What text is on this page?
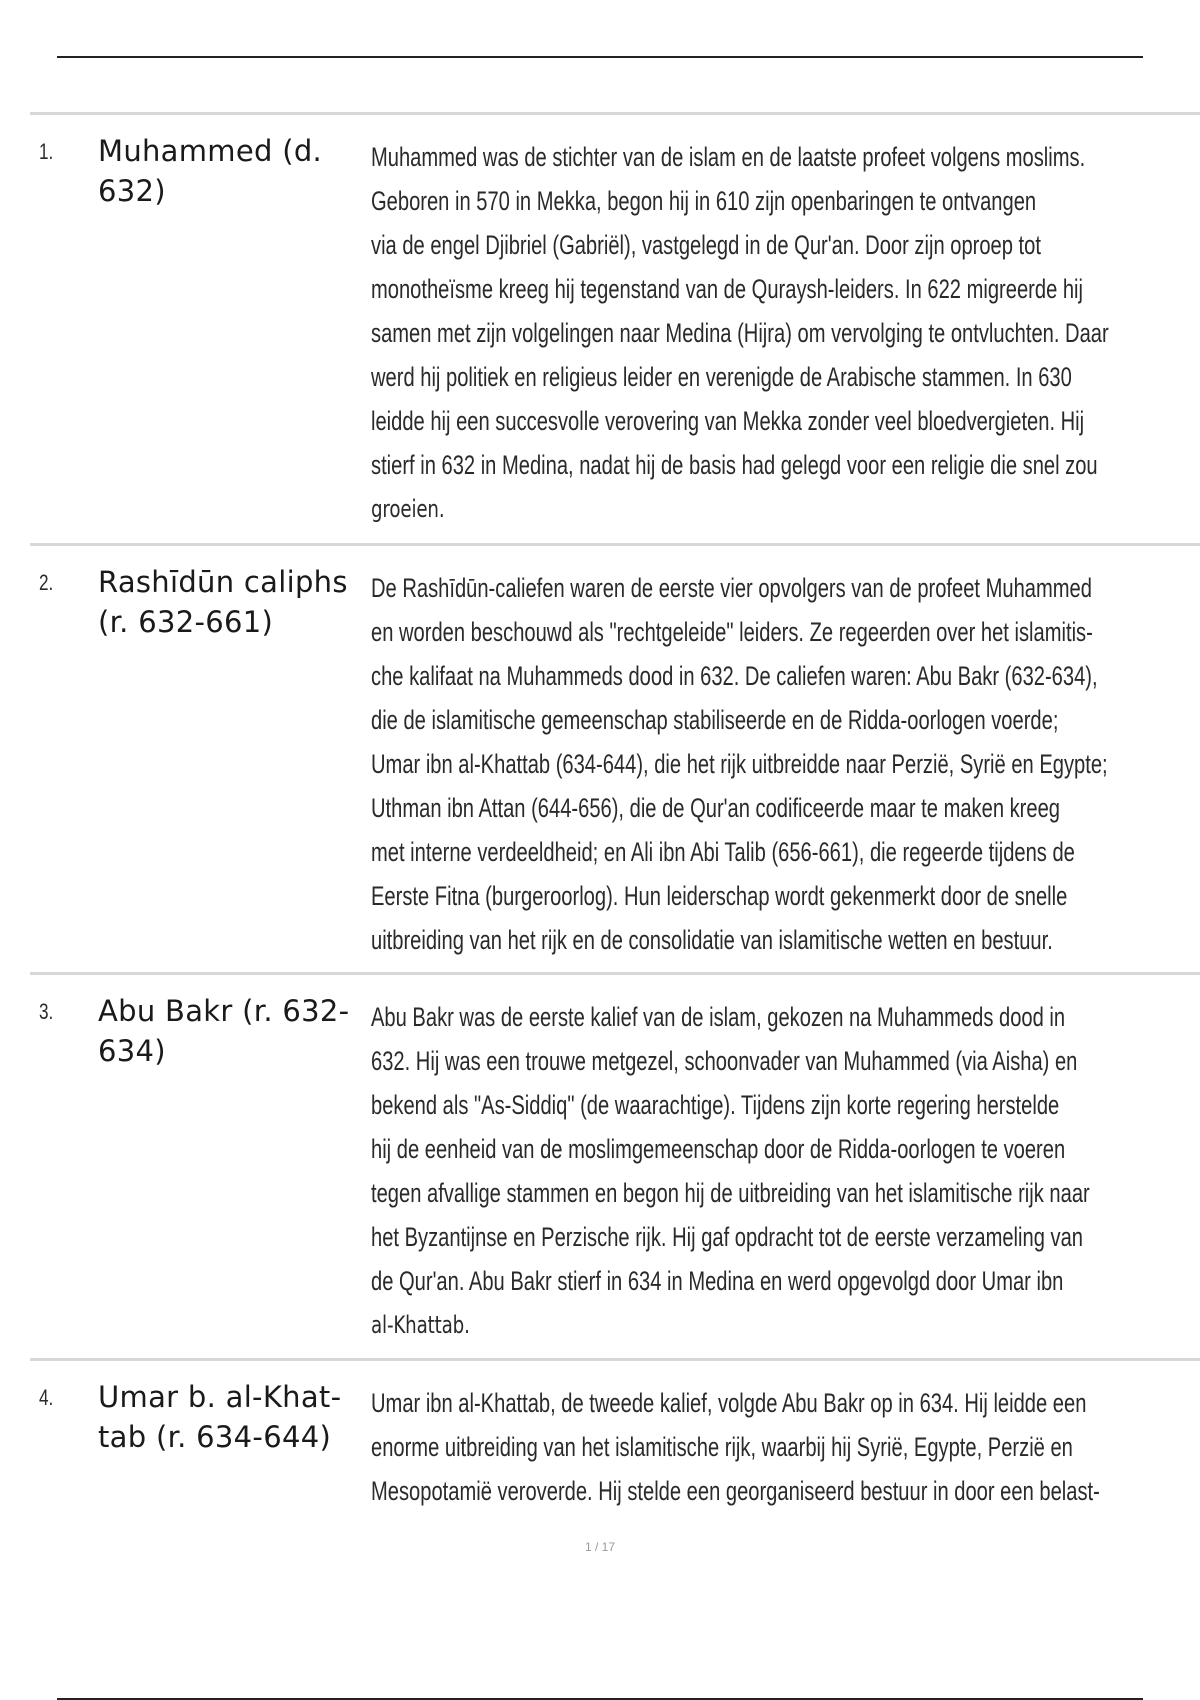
1. Muhammed (d. 632)
Muhammed was de stichter van de islam en de laatste profeet volgens moslims.
Geboren in 570 in Mekka, begon hij in 610 zijn openbaringen te ontvangen
via de engel Djibriel (Gabriël), vastgelegd in de Qur'an. Door zijn oproep tot
monotheïsme kreeg hij tegenstand van de Quraysh-leiders. In 622 migreerde hij
samen met zijn volgelingen naar Medina (Hijra) om vervolging te ontvluchten. Daar
werd hij politiek en religieus leider en verenigde de Arabische stammen. In 630
leidde hij een succesvolle verovering van Mekka zonder veel bloedvergieten. Hij
stierf in 632 in Medina, nadat hij de basis had gelegd voor een religie die snel zou
groeien.
2. Rashīdūn caliphs (r. 632-661)
De Rashīdūn-caliefen waren de eerste vier opvolgers van de profeet Muhammed
en worden beschouwd als "rechtgeleide" leiders. Ze regeerden over het islamitis-
che kalifaat na Muhammeds dood in 632. De caliefen waren: Abu Bakr (632-634),
die de islamitische gemeenschap stabiliseerde en de Ridda-oorlogen voerde;
Umar ibn al-Khattab (634-644), die het rijk uitbreidde naar Perzië, Syrië en Egypte;
Uthman ibn Attan (644-656), die de Qur'an codificeerde maar te maken kreeg
met interne verdeeldheid; en Ali ibn Abi Talib (656-661), die regeerde tijdens de
Eerste Fitna (burgeroorlog). Hun leiderschap wordt gekenmerkt door de snelle
uitbreiding van het rijk en de consolidatie van islamitische wetten en bestuur.
3. Abu Bakr (r. 632-634)
Abu Bakr was de eerste kalief van de islam, gekozen na Muhammeds dood in
632. Hij was een trouwe metgezel, schoonvader van Muhammed (via Aisha) en
bekend als "As-Siddiq" (de waarachtige). Tijdens zijn korte regering herstelde
hij de eenheid van de moslimgemeenschap door de Ridda-oorlogen te voeren
tegen afvallige stammen en begon hij de uitbreiding van het islamitische rijk naar
het Byzantijnse en Perzische rijk. Hij gaf opdracht tot de eerste verzameling van
de Qur'an. Abu Bakr stierf in 634 in Medina en werd opgevolgd door Umar ibn
al-Khattab.
4. Umar b. al-Khat-tab (r. 634-644)
Umar ibn al-Khattab, de tweede kalief, volgde Abu Bakr op in 634. Hij leidde een
enorme uitbreiding van het islamitische rijk, waarbij hij Syrië, Egypte, Perzië en
Mesopotamië veroverde. Hij stelde een georganiseerd bestuur in door een belast-
1 / 17
